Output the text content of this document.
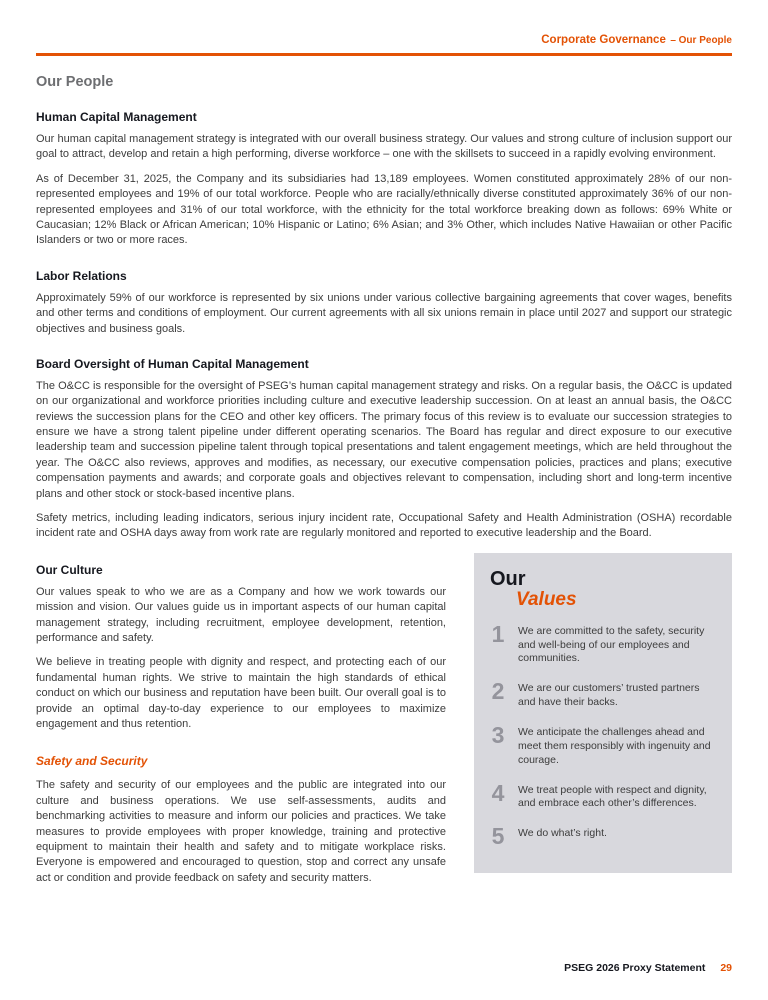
Corporate Governance – Our People
Our People
Human Capital Management

Our human capital management strategy is integrated with our overall business strategy. Our values and strong culture of inclusion support our goal to attract, develop and retain a high performing, diverse workforce – one with the skillsets to succeed in a rapidly evolving environment.

As of December 31, 2025, the Company and its subsidiaries had 13,189 employees. Women constituted approximately 28% of our non-represented employees and 19% of our total workforce. People who are racially/ethnically diverse constituted approximately 36% of our non-represented employees and 31% of our total workforce, with the ethnicity for the total workforce breaking down as follows: 69% White or Caucasian; 12% Black or African American; 10% Hispanic or Latino; 6% Asian; and 3% Other, which includes Native Hawaiian or other Pacific Islanders or two or more races.

Labor Relations

Approximately 59% of our workforce is represented by six unions under various collective bargaining agreements that cover wages, benefits and other terms and conditions of employment. Our current agreements with all six unions remain in place until 2027 and support our strategic objectives and business goals.

Board Oversight of Human Capital Management

The O&CC is responsible for the oversight of PSEG’s human capital management strategy and risks. On a regular basis, the O&CC is updated on our organizational and workforce priorities including culture and executive leadership succession. On at least an annual basis, the O&CC reviews the succession plans for the CEO and other key officers. The primary focus of this review is to evaluate our succession strategies to ensure we have a strong talent pipeline under different operating scenarios. The Board has regular and direct exposure to our executive leadership team and succession pipeline talent through topical presentations and talent engagement meetings, which are held throughout the year. The O&CC also reviews, approves and modifies, as necessary, our executive compensation policies, practices and plans; executive compensation payments and awards; and corporate goals and objectives relevant to compensation, including short and long-term incentive plans and other stock or stock-based incentive plans.

Safety metrics, including leading indicators, serious injury incident rate, Occupational Safety and Health Administration (OSHA) recordable incident rate and OSHA days away from work rate are regularly monitored and reported to executive leadership and the Board.

Our Culture

Our values speak to who we are as a Company and how we work towards our mission and vision. Our values guide us in important aspects of our human capital management strategy, including recruitment, employee development, retention, performance and safety.

We believe in treating people with dignity and respect, and protecting each of our fundamental human rights. We strive to maintain the high standards of ethical conduct on which our business and reputation have been built. Our overall goal is to provide an optimal day-to-day experience to our employees to maximize engagement and thus retention.

Safety and Security

The safety and security of our employees and the public are integrated into our culture and business operations. We use self-assessments, audits and benchmarking activities to measure and inform our policies and practices. We take measures to provide employees with proper knowledge, training and protective equipment to maintain their health and safety and to mitigate workplace risks. Everyone is empowered and encouraged to question, stop and correct any unsafe act or condition and provide feedback on safety and security matters.

Our
Values
1 We are committed to the safety, security and well-being of our employees and communities.
2 We are our customers’ trusted partners and have their backs.
3 We anticipate the challenges ahead and meet them responsibly with ingenuity and courage.
4 We treat people with respect and dignity, and embrace each other’s differences.
5 We do what’s right.
PSEG 2026 Proxy Statement 29
